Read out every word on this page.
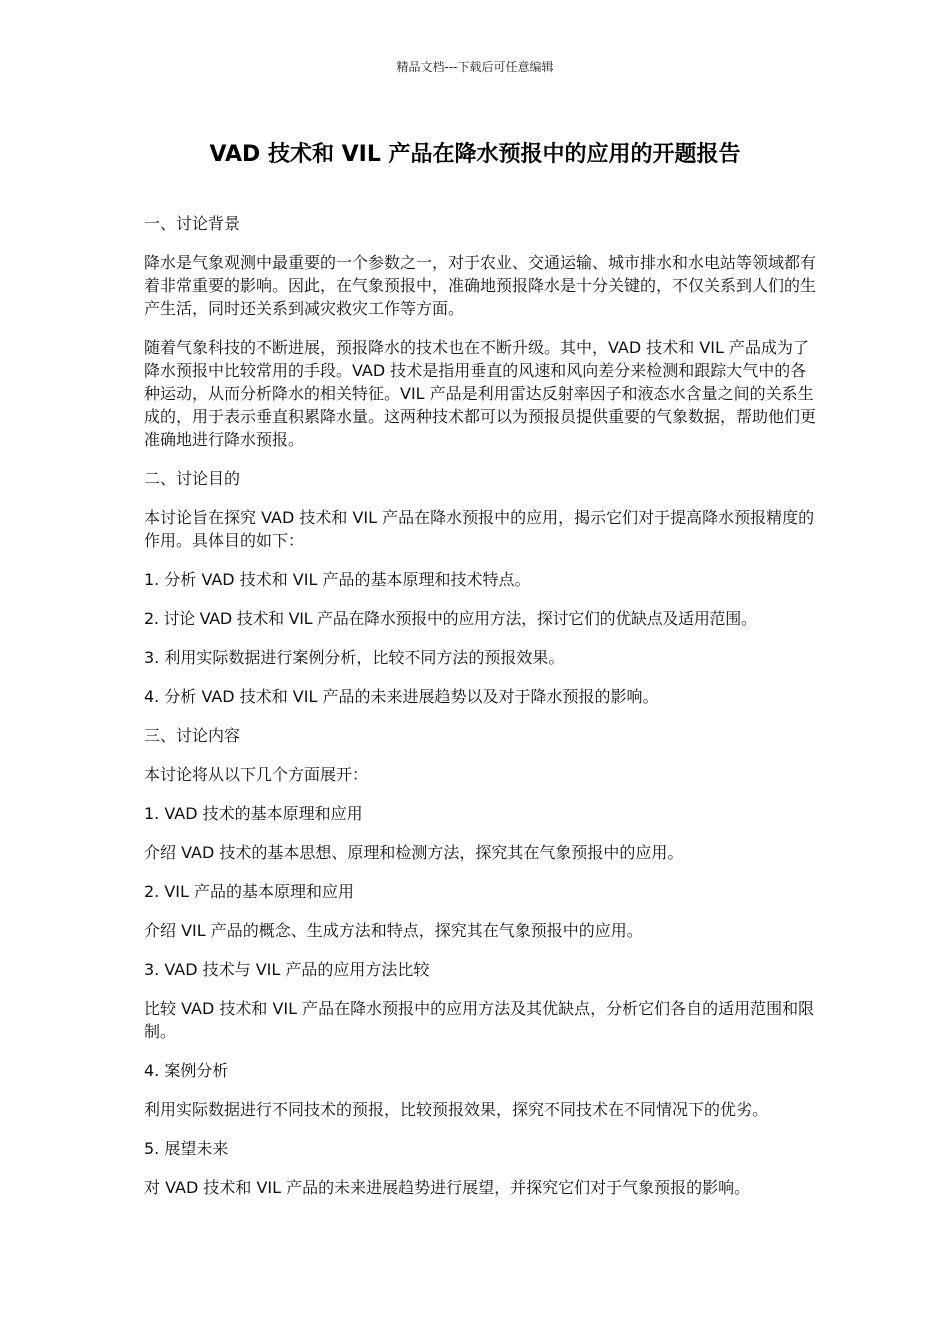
精品文档---下载后可任意编辑
VAD 技术和 VIL 产品在降水预报中的应用的开题报告

一、讨论背景

降水是气象观测中最重要的一个参数之一，对于农业、交通运输、城市排水和水电站等领域都有着非常重要的影响。因此，在气象预报中，准确地预报降水是十分关键的，不仅关系到人们的生产生活，同时还关系到减灾救灾工作等方面。

随着气象科技的不断进展，预报降水的技术也在不断升级。其中，VAD 技术和 VIL 产品成为了降水预报中比较常用的手段。VAD 技术是指用垂直的风速和风向差分来检测和跟踪大气中的各种运动，从而分析降水的相关特征。VIL 产品是利用雷达反射率因子和液态水含量之间的关系生成的，用于表示垂直积累降水量。这两种技术都可以为预报员提供重要的气象数据，帮助他们更准确地进行降水预报。

二、讨论目的

本讨论旨在探究 VAD 技术和 VIL 产品在降水预报中的应用，揭示它们对于提高降水预报精度的作用。具体目的如下：

1. 分析 VAD 技术和 VIL 产品的基本原理和技术特点。

2. 讨论 VAD 技术和 VIL 产品在降水预报中的应用方法，探讨它们的优缺点及适用范围。

3. 利用实际数据进行案例分析，比较不同方法的预报效果。

4. 分析 VAD 技术和 VIL 产品的未来进展趋势以及对于降水预报的影响。

三、讨论内容

本讨论将从以下几个方面展开：

1. VAD 技术的基本原理和应用

介绍 VAD 技术的基本思想、原理和检测方法，探究其在气象预报中的应用。

2. VIL 产品的基本原理和应用

介绍 VIL 产品的概念、生成方法和特点，探究其在气象预报中的应用。

3. VAD 技术与 VIL 产品的应用方法比较

比较 VAD 技术和 VIL 产品在降水预报中的应用方法及其优缺点，分析它们各自的适用范围和限制。

4. 案例分析

利用实际数据进行不同技术的预报，比较预报效果，探究不同技术在不同情况下的优劣。

5. 展望未来

对 VAD 技术和 VIL 产品的未来进展趋势进行展望，并探究它们对于气象预报的影响。
